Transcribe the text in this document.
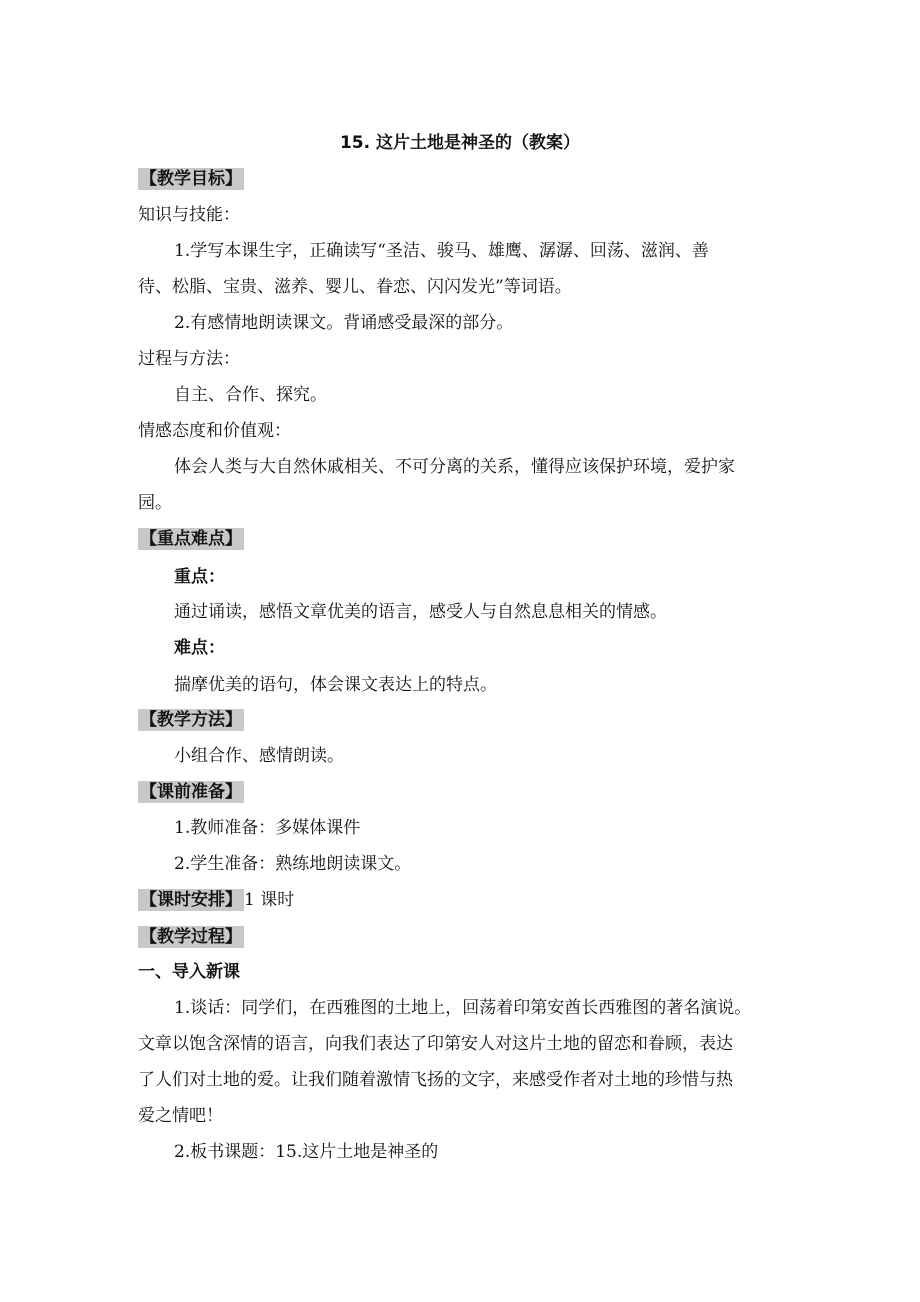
15. 这片土地是神圣的（教案）
【教学目标】
知识与技能：
1.学写本课生字，正确读写“圣洁、骏马、雄鹰、潺潺、回荡、滋润、善
待、松脂、宝贵、滋养、婴儿、眷恋、闪闪发光”等词语。
2.有感情地朗读课文。背诵感受最深的部分。
过程与方法：
自主、合作、探究。
情感态度和价值观：
体会人类与大自然休戚相关、不可分离的关系，懂得应该保护环境，爱护家
园。
【重点难点】
重点：
通过诵读，感悟文章优美的语言，感受人与自然息息相关的情感。
难点：
揣摩优美的语句，体会课文表达上的特点。
【教学方法】
小组合作、感情朗读。
【课前准备】
1.教师准备：多媒体课件
2.学生准备：熟练地朗读课文。
【课时安排】 1 课时
【教学过程】
一、导入新课
1.谈话：同学们，在西雅图的土地上，回荡着印第安酋长西雅图的著名演说。
文章以饱含深情的语言，向我们表达了印第安人对这片土地的留恋和眷顾，表达
了人们对土地的爱。让我们随着激情飞扬的文字，来感受作者对土地的珍惜与热
爱之情吧！
2.板书课题：15.这片土地是神圣的
